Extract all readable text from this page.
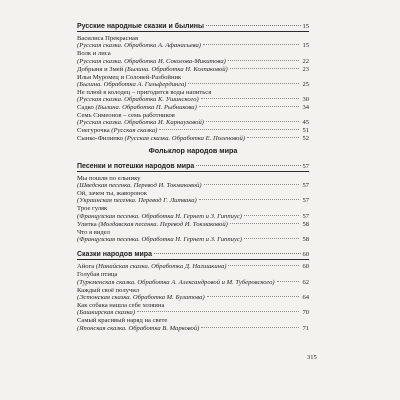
Русские народные сказки и былины	15
Василиса Прекрасная
(Русская сказка. Обработка А. Афанасьева)	15
Волк и лиса
(Русская сказка. Обработка И. Соколова-Микитова)	22
Добрыня и Змей
(Былина. Обработка Н. Колпаковой)	23
Илья Муромец и Соловей-Разбойник
(Былина. Обработка А. Гильфердинга)	25
Не плюй в колодец – пригодится воды напиться
(Русская сказка. Обработка К. Ушинского)	30
Садко
(Былина. Обработка П. Рыбникова)	34
Семь Симеонов – семь работников
(Русская сказка. Обработка И. Карнауховой)	45
Снегурочка
(Русская сказка)	51
Сынко-Филипко
(Русская сказка. Обработка Е. Поленовой)	52
Фольклор народов мира
Песенки и потешки народов мира	57
Мы пошли по ельнику
(Шведская песенка. Перевод И. Токмаковой)	57
Ой, зачем ты, жаворонок
(Украинская песенка. Перевод Г. Литвака)	57
Трое гуляк
(Французская песенка. Обработка Н. Гернет и З. Гиппиус)	57
Улитка
(Молдавская песенка. Перевод И. Токмаковой)	58
Что я видел
(Французская песенка. Обработка Н. Гернет и З. Гиппиус)	58
Сказки народов мира	60
Айога
(Нанайская сказка. Обработка Д. Нагишкина)	60
Голубая птица
(Туркменская сказка. Обработка А. Александровой и М. Туберовского)	62
Каждый своё получил
(Эстонская сказка. Обработка М. Булатова)	64
Как собака нашла себе хозяина
(Башкирская сказка)	70
Самый красивый наряд на свете
(Японская сказка. Обработка В. Марковой)	71
315
